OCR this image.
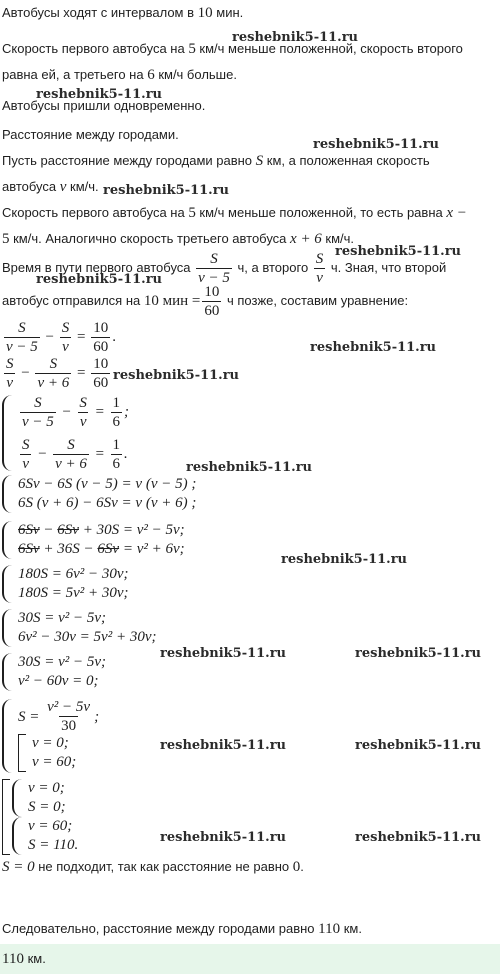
Автобусы ходят с интервалом в 10 мин.
Скорость первого автобуса на 5 км/ч меньше положенной, скорость второго
равна ей, а третьего на 6 км/ч больше.
Автобусы пришли одновременно.
Расстояние между городами.
Пусть расстояние между городами равно S км, а положенная скорость
автобуса v км/ч.
Скорость первого автобуса на 5 км/ч меньше положенной, то есть равна x −
5 км/ч. Аналогично скорость третьего автобуса x + 6 км/ч.
Время в пути первого автобуса $\frac{S}{v - 5} ч$, а второго $\frac{S}{v} ч$. Зная, что второй
автобус отправился на 10 мин = $\frac{10}{60}$ ч позже, составим уравнение:
$\frac{S}{v - 5} - \frac{S}{v} = \frac{10}{60}$ .
$\frac{S}{v} - \frac{S}{v + 6} = \frac{10}{60}$
$\frac{S}{v - 5} - \frac{S}{v} = \frac{1}{6}$ ;
$\frac{S}{v} - \frac{S}{v + 6} = \frac{1}{6}$ .
6Sv − 6S (v − 5) = v (v − 5) ;
6S (v + 6) − 6Sv = v (v + 6) ;
6Sv − 6Sv + 30S = v² − 5v;
6Sv + 36S − 6Sv = v² + 6v;
180S = 6v² − 30v;
180S = 5v² + 30v;
30S = v² − 5v;
6v² − 30v = 5v² + 30v;
30S = v² − 5v;
v² − 60v = 0;
$S = \frac{\text{v² − 5v}}{30}$ ;
v = 0;
v = 60;
v = 0;
S = 0;
v = 60;
S = 110.
S = 0 не подходит, так как расстояние не равно 0.
Следовательно, расстояние между городами равно 110 км.
110 км.
reshebnik5-11.ru
reshebnik5-11.ru
reshebnik5-11.ru
reshebnik5-11.ru
reshebnik5-11.ru
reshebnik5-11.ru
reshebnik5-11.ru
reshebnik5-11.ru
reshebnik5-11.ru
reshebnik5-11.ru
reshebnik5-11.ru	reshebnik5-11.ru
reshebnik5-11.ru	reshebnik5-11.ru
reshebnik5-11.ru	reshebnik5-11.ru
